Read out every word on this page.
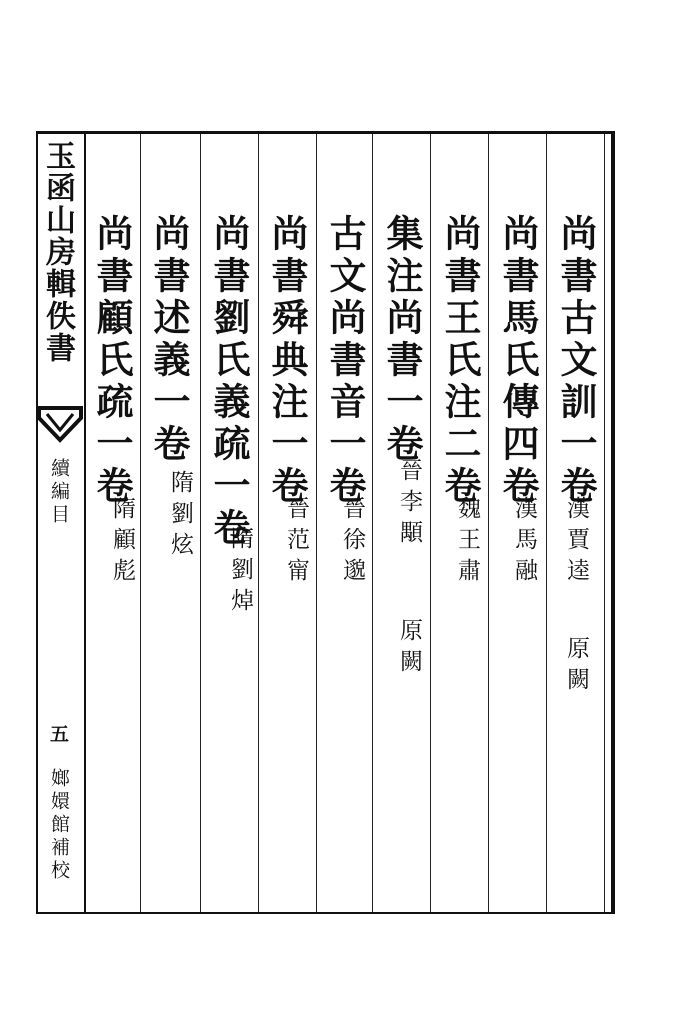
玉函山房輯佚書
續編目
五
嫏嬛館補校
尚書古文訓一卷
漢賈逵
原闕
尚書馬氏傳四卷
漢馬融
尚書王氏注二卷
魏王肅
集注尚書一卷
晉李顒
原闕
古文尚書音一卷
晉徐邈
尚書舜典注一卷
晉范甯
尚書劉氏義疏一卷
隋劉焯
尚書述義一卷
隋劉炫
尚書顧氏疏一卷
隋顧彪
